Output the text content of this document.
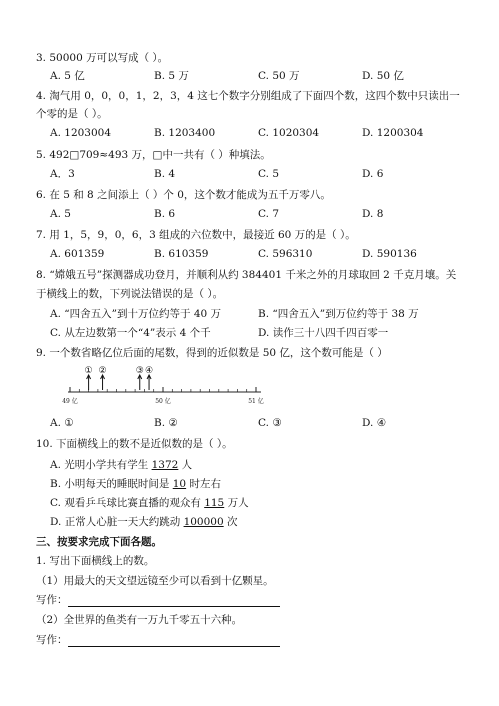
3. 50000 万可以写成（ ）。
A. 5 亿	B. 5 万	C. 50 万	D. 50 亿
4. 淘气用 0，0，0，1，2，3，4 这七个数字分别组成了下面四个数，这四个数中只读出一
个零的是（ ）。
A. 1203004	B. 1203400	C. 1020304	D. 1200304
5. 492□709≈493 万，□中一共有（ ）种填法。
A．3	B. 4	C. 5	D. 6
6. 在 5 和 8 之间添上（ ）个 0，这个数才能成为五千万零八。
A. 5	B. 6	C. 7	D. 8
7. 用 1，5，9，0，6，3 组成的六位数中，最接近 60 万的是（ ）。
A. 601359	B. 610359	C. 596310	D. 590136
8. “嫦娥五号”探测器成功登月，并顺利从约 384401 千米之外的月球取回 2 千克月壤。关
于横线上的数，下列说法错误的是（ ）。
A. “四舍五入”到十万位约等于 40 万	B. “四舍五入”到万位约等于 38 万
C. 从左边数第一个“4”表示 4 个千	D. 读作三十八四千四百零一
9. 一个数省略亿位后面的尾数，得到的近似数是 50 亿，这个数可能是（ ）
① ②	③ ④
49 亿	50 亿	51 亿
A. ①	B. ②	C. ③	D. ④
10. 下面横线上的数不是近似数的是（ ）。
A. 光明小学共有学生 1372 人
B. 小明每天的睡眠时间是 10 时左右
C. 观看乒乓球比赛直播的观众有 115 万人
D. 正常人心脏一天大约跳动 100000 次
三、按要求完成下面各题。
1. 写出下面横线上的数。
（1）用最大的天文望远镜至少可以看到十亿颗星。
写作：
（2）全世界的鱼类有一万九千零五十六种。
写作：
